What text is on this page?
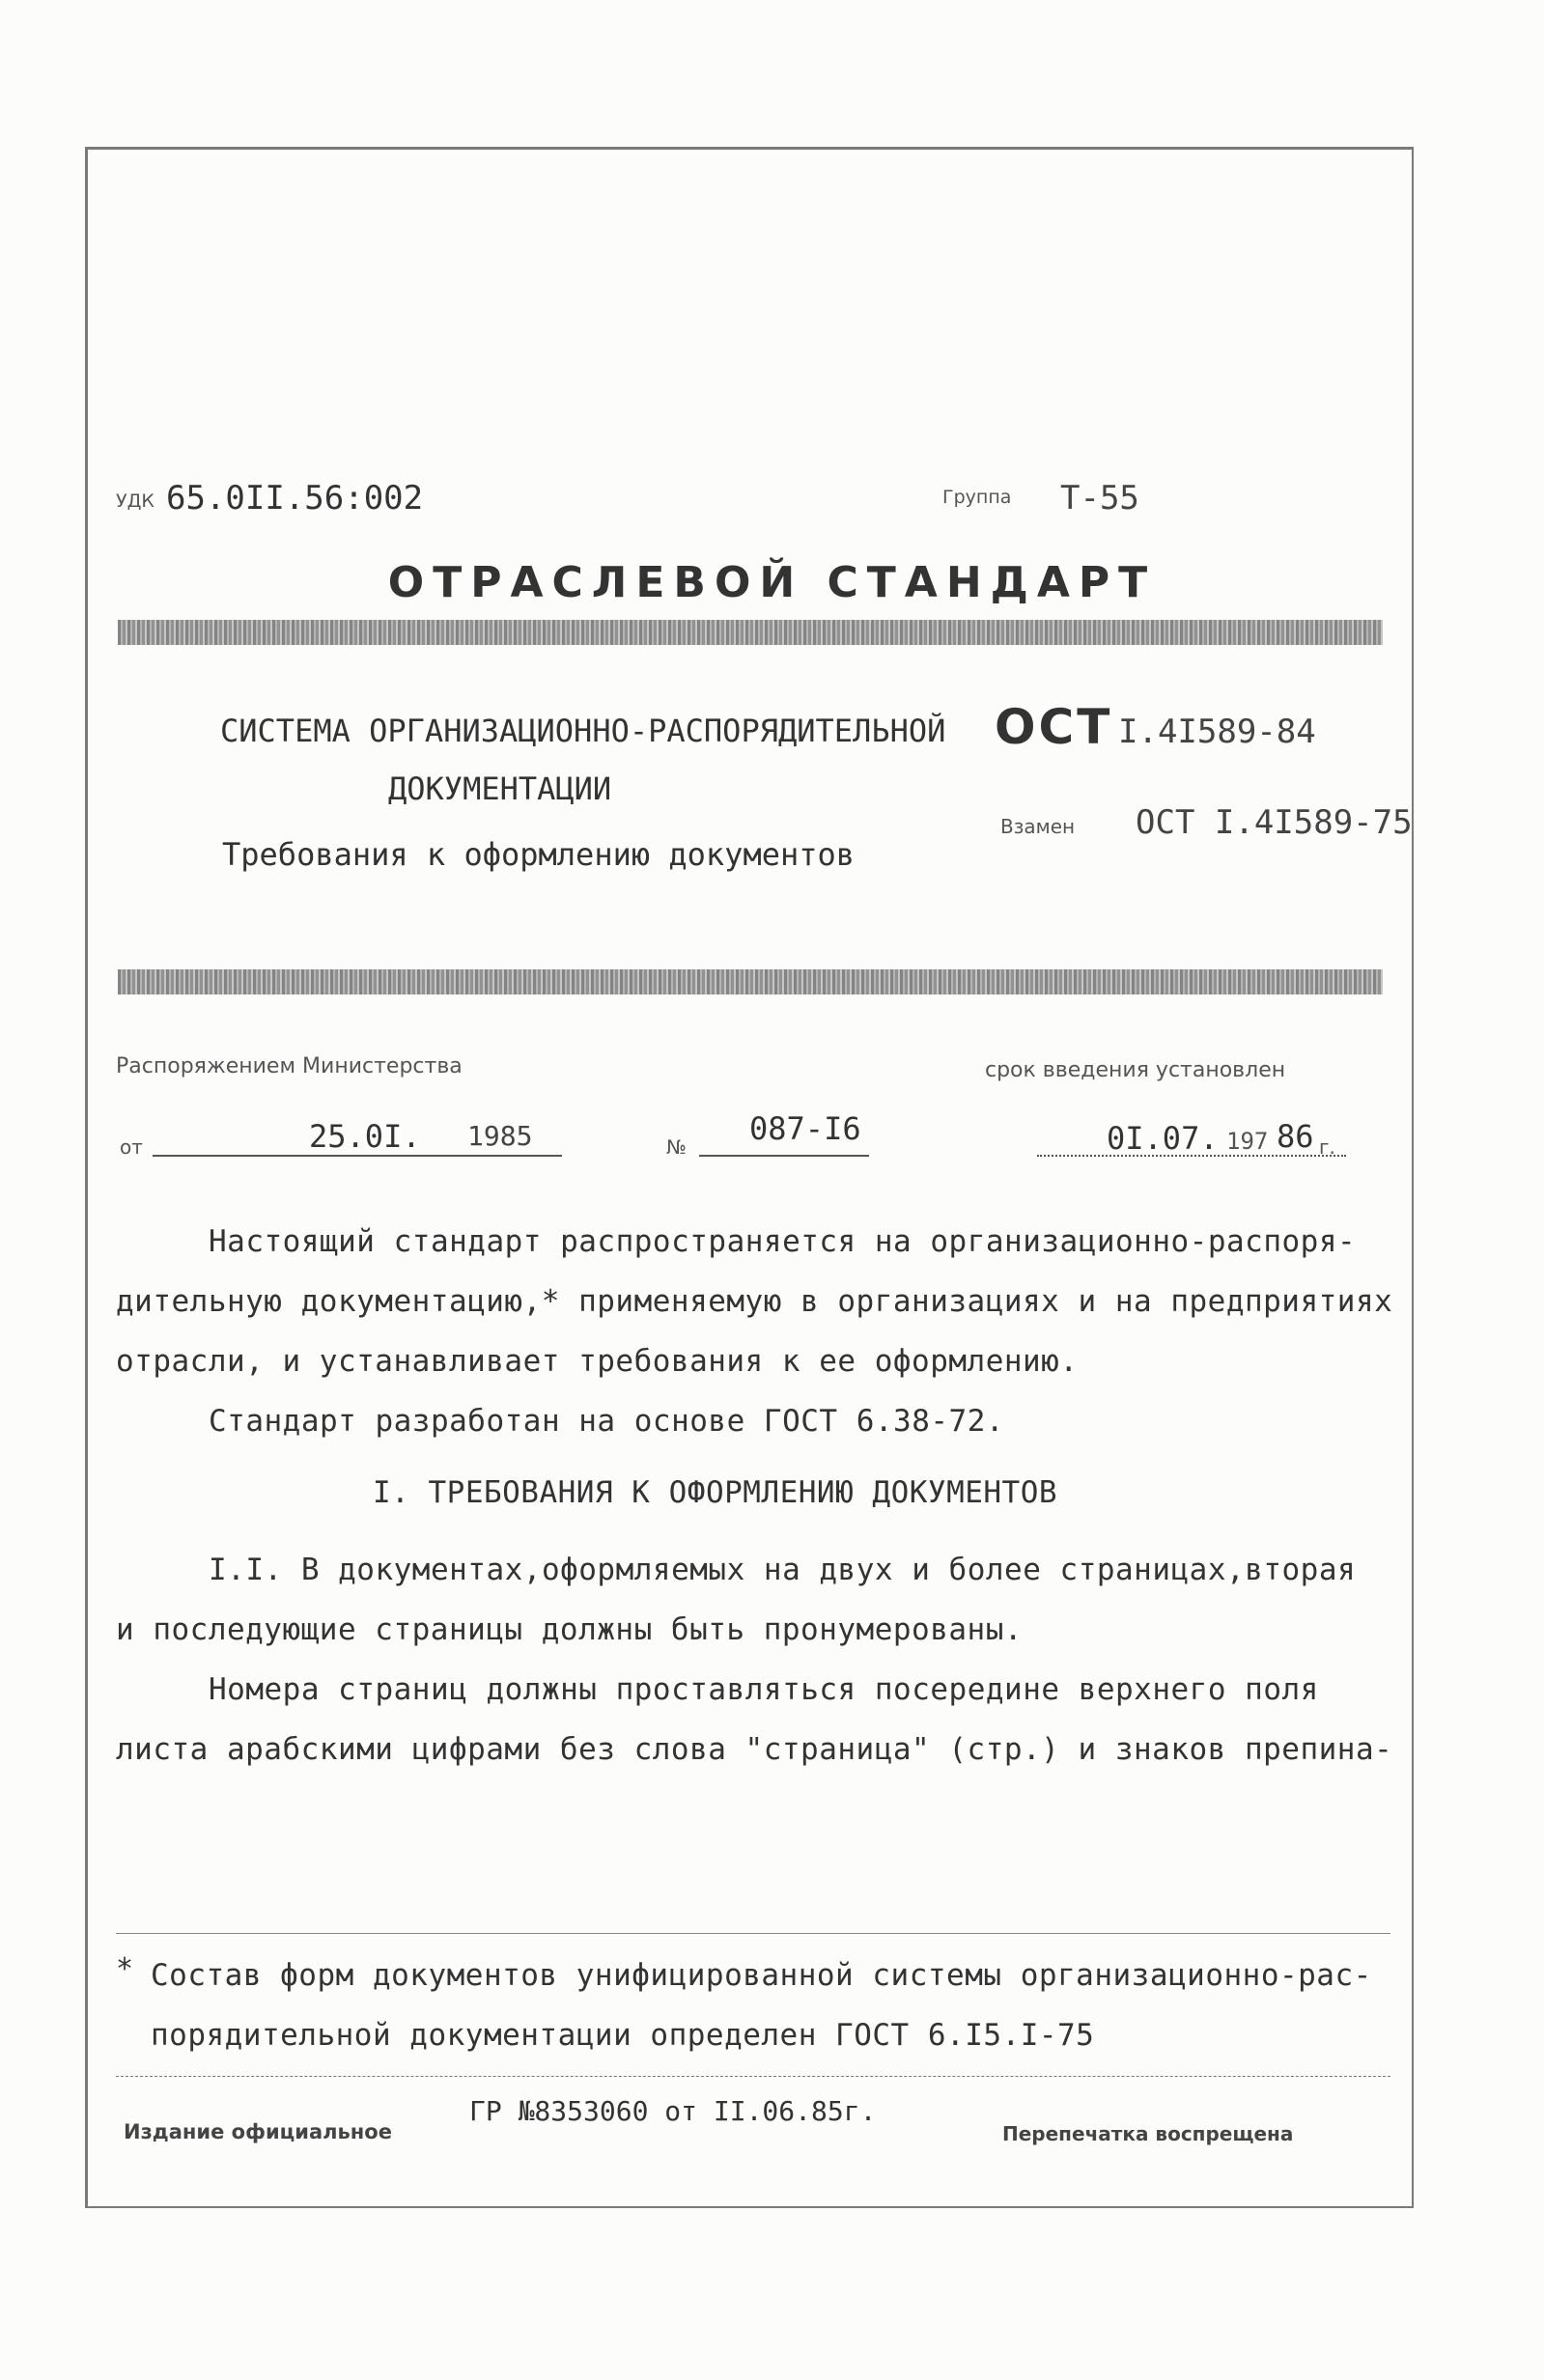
УДК 65.0II.56:002	Группа Т-55
ОТРАСЛЕВОЙ СТАНДАРТ
СИСТЕМА ОРГАНИЗАЦИОННО-РАСПОРЯДИТЕЛЬНОЙ
ДОКУМЕНТАЦИИ
Требования к оформлению документов
ОСТ I.4I589-84
Взамен ОСТ I.4I589-75
Распоряжением Министерства	срок введения установлен
от	25.0I. 1985	№ 087-I6	0I.07. 197 86 г.
Настоящий стандарт распространяется на организационно-распоря-
дительную документацию,* применяемую в организациях и на предприятиях
отрасли, и устанавливает требования к ее оформлению.
Стандарт разработан на основе ГОСТ 6.38-72.
I. ТРЕБОВАНИЯ К ОФОРМЛЕНИЮ ДОКУМЕНТОВ
I.I. В документах,оформляемых на двух и более страницах,вторая
и последующие страницы должны быть пронумерованы.
Номера страниц должны проставляться посередине верхнего поля
листа арабскими цифрами без слова "страница" (стр.) и знаков препина-
* Состав форм документов унифицированной системы организационно-рас-
порядительной документации определен ГОСТ 6.I5.I-75
Издание официальное
ГР №8353060 от II.06.85г.
Перепечатка воспрещена
